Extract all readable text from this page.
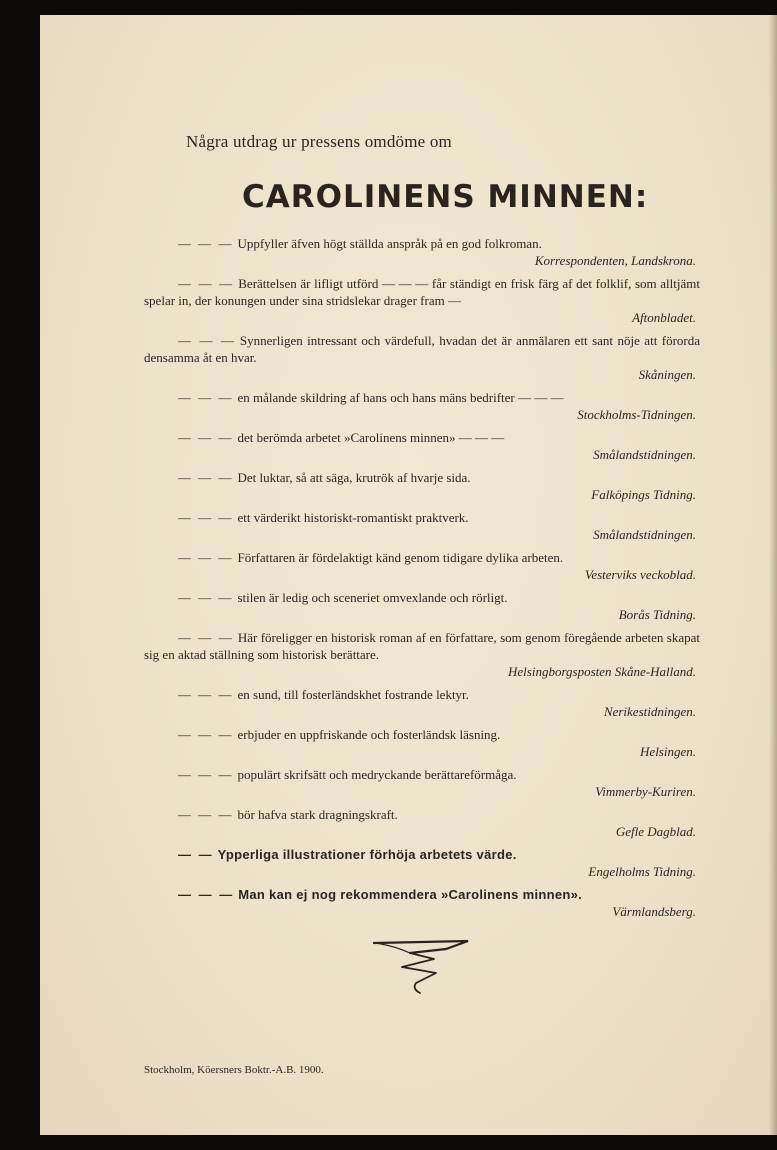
Några utdrag ur pressens omdöme om
CAROLINENS MINNEN:
— — — Uppfyller äfven högt ställda anspråk på en god folkroman.
Korrespondenten, Landskrona.
— — — Berättelsen är lifligt utförd — — — får ständigt en frisk färg af det folklif, som alltjämt spelar in, der konungen under sina stridslekar drager fram —
Aftonbladet.
— — — Synnerligen intressant och värdefull, hvadan det är anmälaren ett sant nöje att förorda densamma åt en hvar.
Skåningen.
— — — en målande skildring af hans och hans mäns bedrifter — — —
Stockholms-Tidningen.
— — — det berömda arbetet »Carolinens minnen» — — —
Smålandstidningen.
— — — Det luktar, så att säga, krutrök af hvarje sida.
Falköpings Tidning.
— — — ett värderikt historiskt-romantiskt praktverk.
Smålandstidningen.
— — — Författaren är fördelaktigt känd genom tidigare dylika arbeten.
Vesterviks veckoblad.
— — — stilen är ledig och sceneriet omvexlande och rörligt.
Borås Tidning.
— — — Här föreligger en historisk roman af en författare, som genom föregående arbeten skapat sig en aktad ställning som historisk berättare.
Helsingborgsposten Skåne-Halland.
— — — en sund, till fosterländskhet fostrande lektyr.
Nerikestidningen.
— — — erbjuder en uppfriskande och fosterländsk läsning.
Helsingen.
— — — populärt skrifsätt och medryckande berättareförmåga.
Vimmerby-Kuriren.
— — — bör hafva stark dragningskraft.
Gefle Dagblad.
— — Ypperliga illustrationer förhöja arbetets värde.
Engelholms Tidning.
— — — Man kan ej nog rekommendera »Carolinens minnen».
Värmlandsberg.
Stockholm, Köersners Boktr.-A.B. 1900.
